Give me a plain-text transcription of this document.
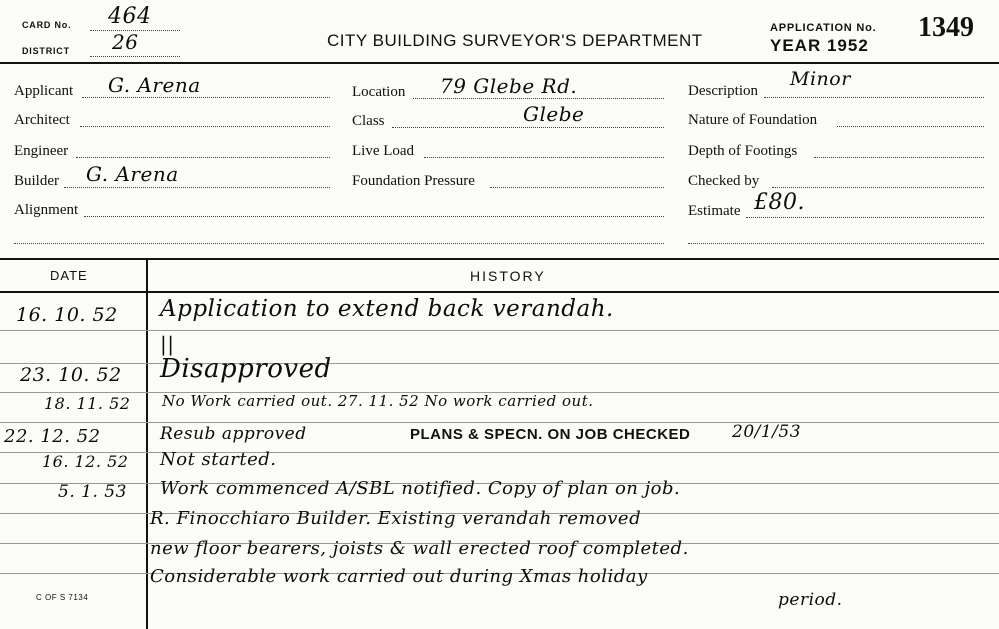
CARD No. 464
DISTRICT 26	CITY BUILDING SURVEYOR'S DEPARTMENT
APPLICATION No. 1349
YEAR 1952
Applicant G. Arena
Architect
Engineer
Builder G. Arena
Alignment
Location 79 Glebe Rd.
Class	Glebe
Live Load
Foundation Pressure
Description
Minor
Nature of Foundation
Depth of Footings
Checked by
Estimate £80.
DATE	HISTORY
16. 10. 52 Application to extend back verandah.
||
23. 10. 52 Disapproved
18. 11. 52 No Work carried out. 27. 11. 52 No work carried out.
22. 12. 52	Resub approved	PLANS & SPECN. ON JOB CHECKED 20/1/53
16. 12. 52 Not started.
5. 1. 53 Work commenced A/SBL notified. Copy of plan on job.
R. Finocchiaro Builder. Existing verandah removed
new floor bearers, joists & wall erected roof completed.
Considerable work carried out during Xmas holiday
period.
C OF S 7134
